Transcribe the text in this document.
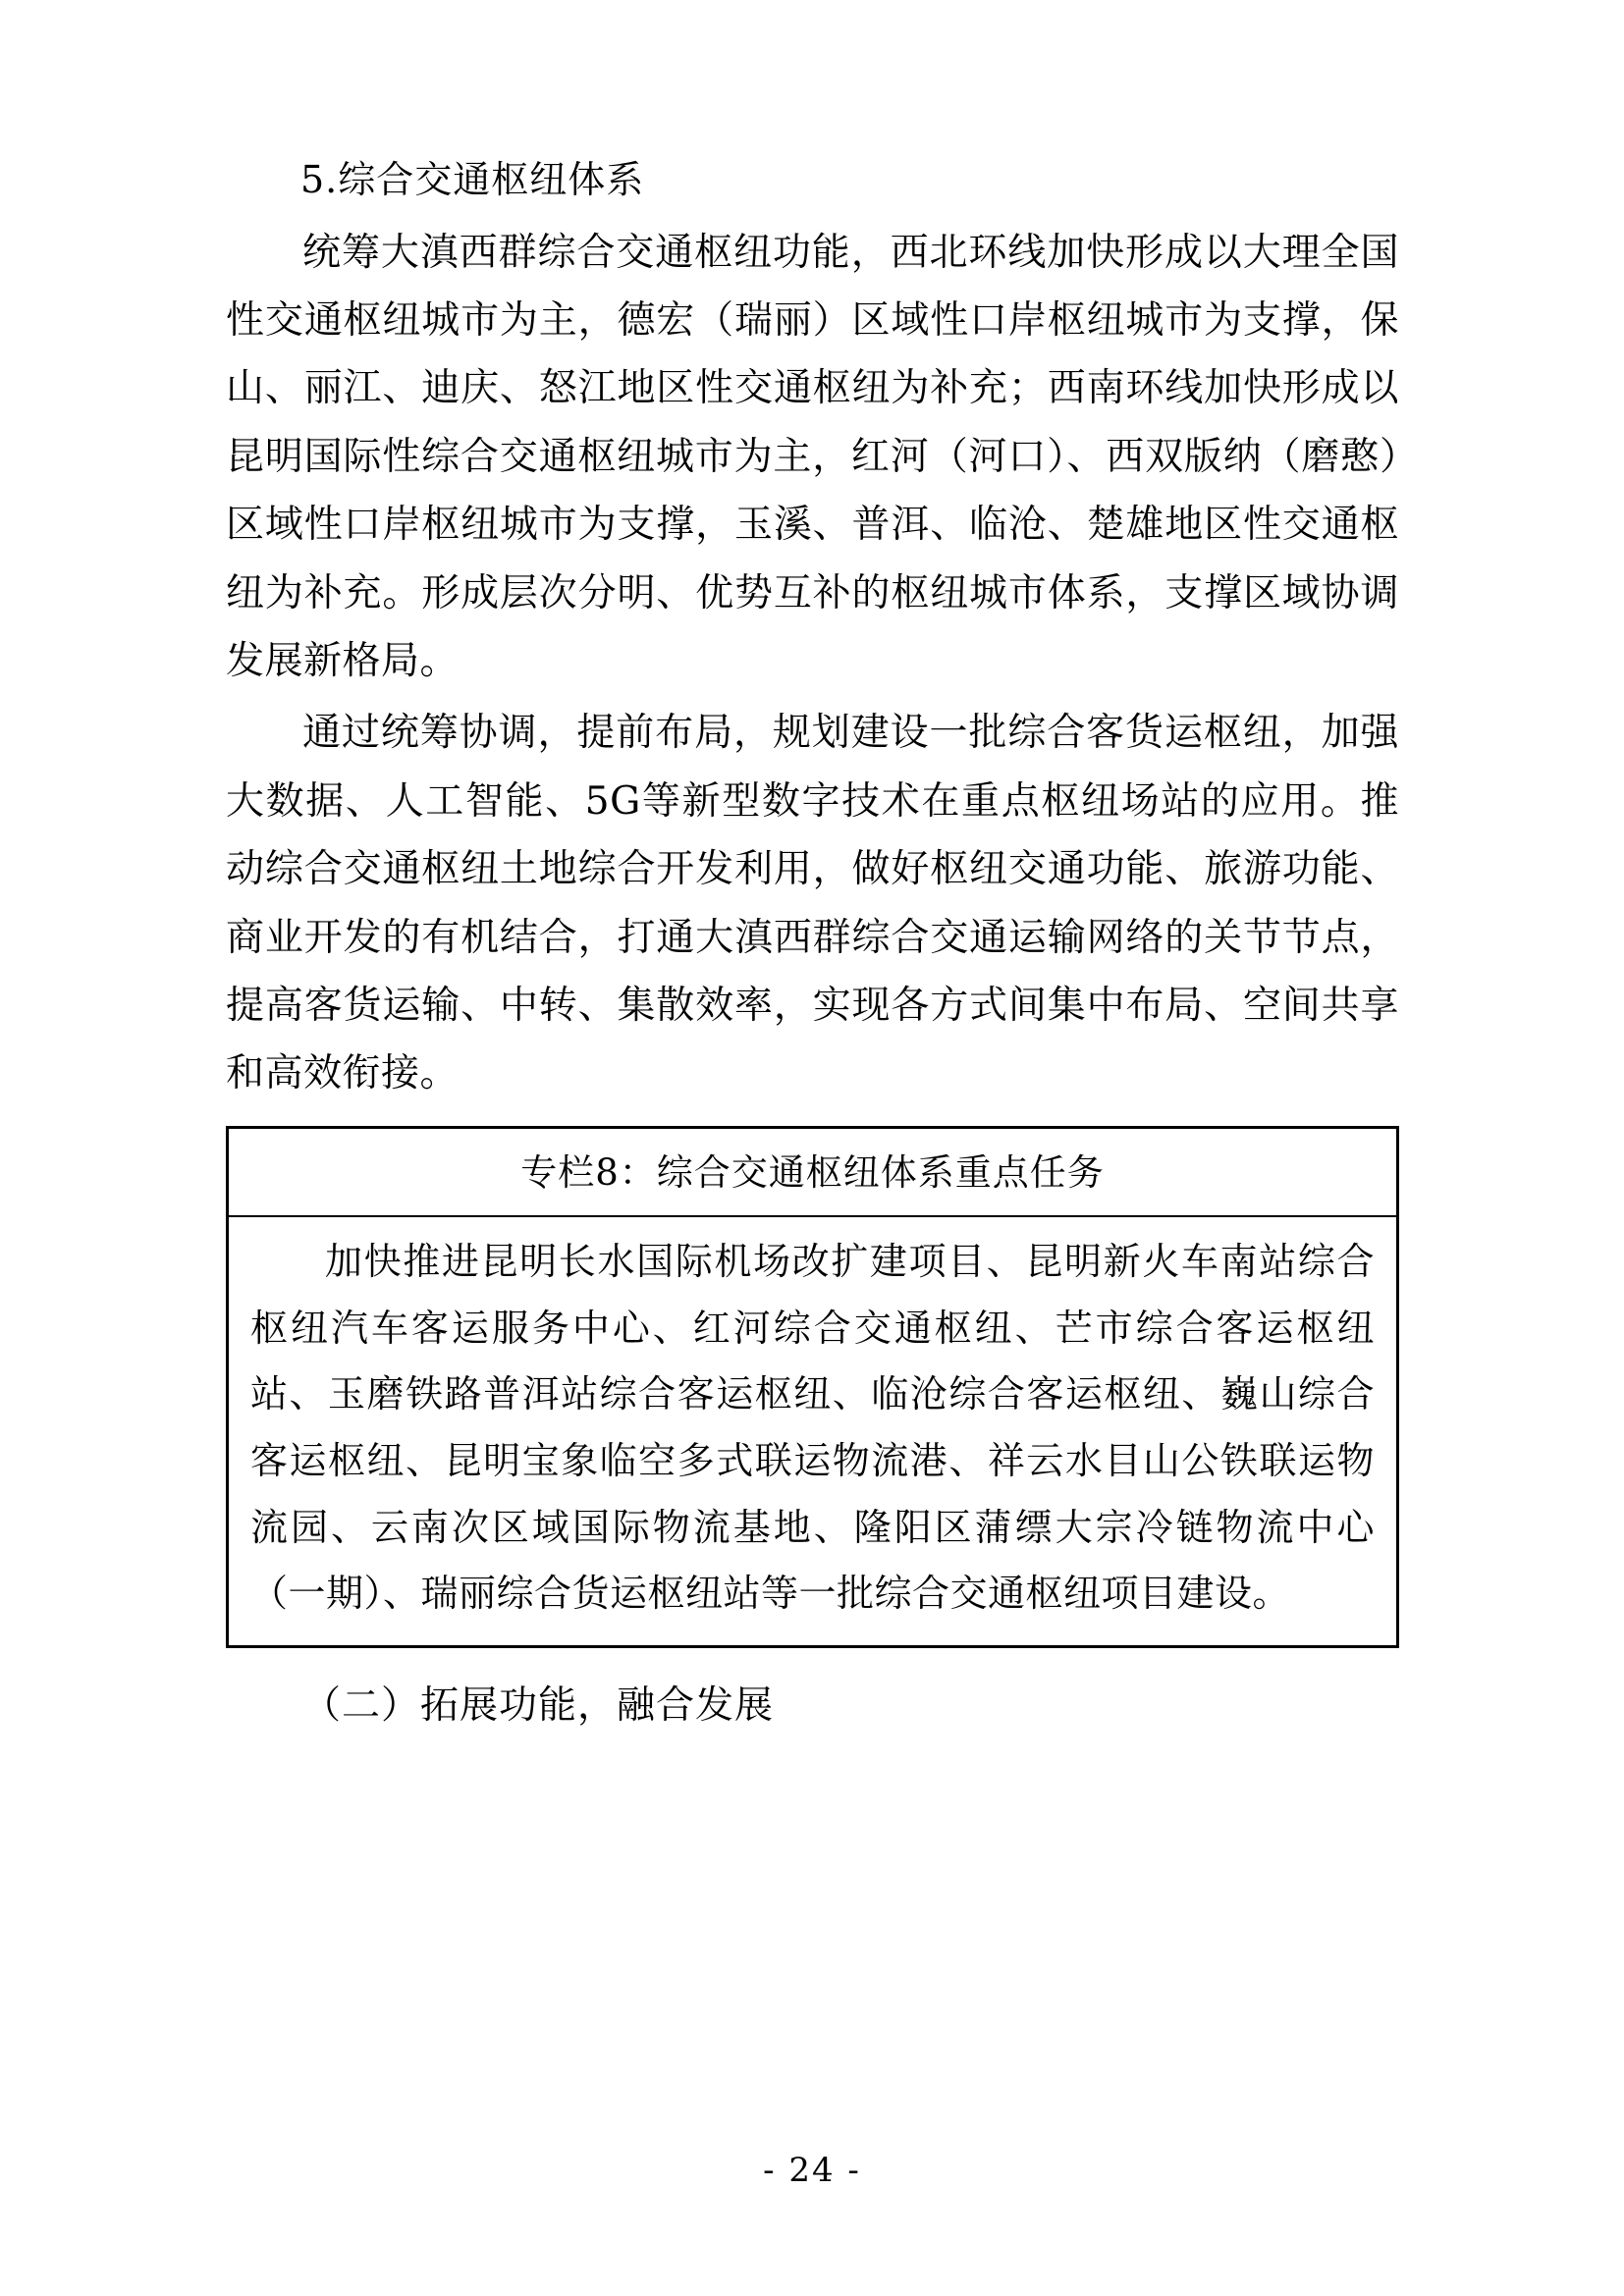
5.综合交通枢纽体系

统筹大滇西群综合交通枢纽功能，西北环线加快形成以大理全国性交通枢纽城市为主，德宏（瑞丽）区域性口岸枢纽城市为支撑，保山、丽江、迪庆、怒江地区性交通枢纽为补充；西南环线加快形成以昆明国际性综合交通枢纽城市为主，红河（河口）、西双版纳（磨憨）区域性口岸枢纽城市为支撑，玉溪、普洱、临沧、楚雄地区性交通枢纽为补充。形成层次分明、优势互补的枢纽城市体系，支撑区域协调发展新格局。

通过统筹协调，提前布局，规划建设一批综合客货运枢纽，加强大数据、人工智能、5G等新型数字技术在重点枢纽场站的应用。推动综合交通枢纽土地综合开发利用，做好枢纽交通功能、旅游功能、商业开发的有机结合，打通大滇西群综合交通运输网络的关节节点，提高客货运输、中转、集散效率，实现各方式间集中布局、空间共享和高效衔接。

专栏8：综合交通枢纽体系重点任务

加快推进昆明长水国际机场改扩建项目、昆明新火车南站综合枢纽汽车客运服务中心、红河综合交通枢纽、芒市综合客运枢纽站、玉磨铁路普洱站综合客运枢纽、临沧综合客运枢纽、巍山综合客运枢纽、昆明宝象临空多式联运物流港、祥云水目山公铁联运物流园、云南次区域国际物流基地、隆阳区蒲缥大宗冷链物流中心（一期）、瑞丽综合货运枢纽站等一批综合交通枢纽项目建设。

（二）拓展功能，融合发展
- 24 -
